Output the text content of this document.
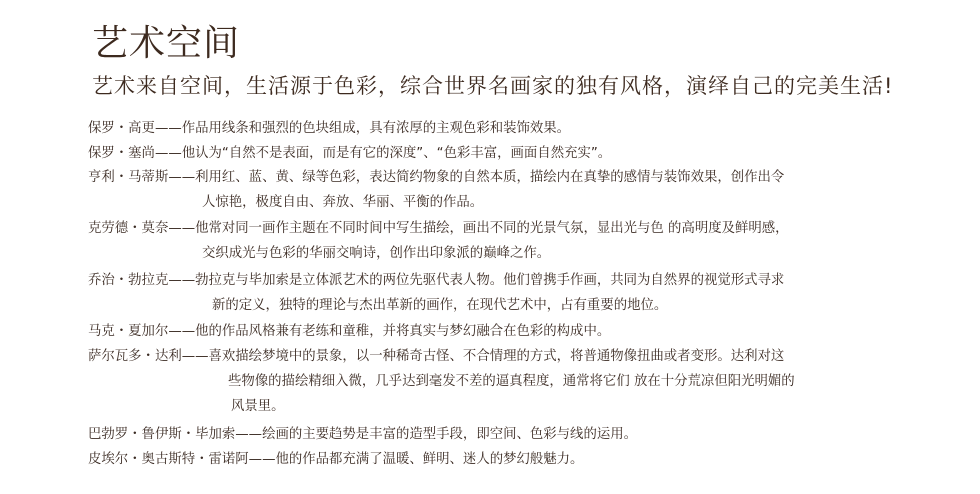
艺术空间
艺术来自空间，生活源于色彩，综合世界名画家的独有风格，演绎自己的完美生活!
保罗・高更——作品用线条和强烈的色块组成，具有浓厚的主观色彩和装饰效果。
保罗・塞尚——他认为“自然不是表面，而是有它的深度”、“色彩丰富，画面自然充实”。
亨利・马蒂斯——利用红、蓝、黄、绿等色彩，表达简约物象的自然本质，描绘内在真挚的感情与装饰效果，创作出令
人惊艳，极度自由、奔放、华丽、平衡的作品。
克劳德・莫奈——他常对同一画作主题在不同时间中写生描绘，画出不同的光景气氛，显出光与色 的高明度及鲜明感，
交织成光与色彩的华丽交响诗，创作出印象派的巅峰之作。
乔治・勃拉克——勃拉克与毕加索是立体派艺术的两位先驱代表人物。他们曾携手作画，共同为自然界的视觉形式寻求
新的定义，独特的理论与杰出革新的画作，在现代艺术中，占有重要的地位。
马克・夏加尔——他的作品风格兼有老练和童稚，并将真实与梦幻融合在色彩的构成中。
萨尔瓦多・达利——喜欢描绘梦境中的景象，以一种稀奇古怪、不合情理的方式，将普通物像扭曲或者变形。达利对这
些物像的描绘精细入微，几乎达到毫发不差的逼真程度，通常将它们 放在十分荒凉但阳光明媚的
风景里。
巴勃罗・鲁伊斯・毕加索——绘画的主要趋势是丰富的造型手段，即空间、色彩与线的运用。
皮埃尔・奥古斯特・雷诺阿——他的作品都充满了温暖、鲜明、迷人的梦幻般魅力。
